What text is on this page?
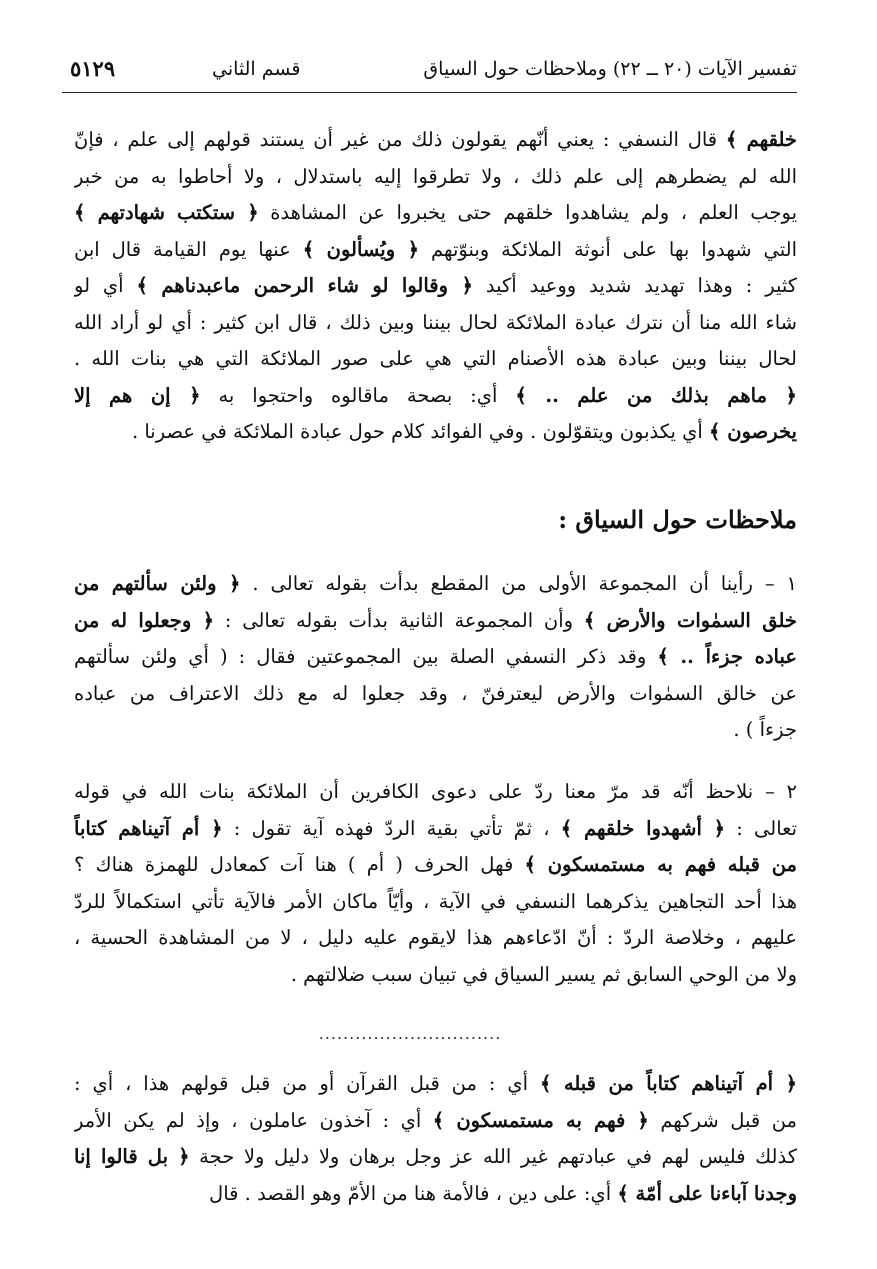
تفسير الآيات (٢٠ ــ ٢٢) وملاحظات حول السياق
قسم الثاني
٥١٢٩
خلقهم ﴾ قال النسفي : يعني أنّهم يقولون ذلك من غير أن يستند قولهم إلى علم ، فإنّ
الله لم يضطرهم إلى علم ذلك ، ولا تطرقوا إليه باستدلال ، ولا أحاطوا به من خبر
يوجب العلم ، ولم يشاهدوا خلقهم حتى يخبروا عن المشاهدة ﴿ ستكتب شهادتهم ﴾
التي شهدوا بها على أنوثة الملائكة وبنوّتهم ﴿ ويُسألون ﴾ عنها يوم القيامة قال ابن
كثير : وهذا تهديد شديد ووعيد أكيد ﴿ وقالوا لو شاء الرحمن ماعبدناهم ﴾ أي لو
شاء الله منا أن نترك عبادة الملائكة لحال بيننا وبين ذلك ، قال ابن كثير : أي لو أراد الله
لحال بيننا وبين عبادة هذه الأصنام التي هي على صور الملائكة التي هي بنات الله .
﴿ ماهم بذلك من علم .. ﴾ أي: بصحة ماقالوه واحتجوا به ﴿ إن هم إلا
يخرصون ﴾ أي يكذبون ويتقوّلون . وفي الفوائد كلام حول عبادة الملائكة في عصرنا .
ملاحظات حول السياق :
١ – رأينا أن المجموعة الأولى من المقطع بدأت بقوله تعالى . ﴿ ولئن سألتهم من
خلق السمٰوات والأرض ﴾ وأن المجموعة الثانية بدأت بقوله تعالى : ﴿ وجعلوا له من
عباده جزءاً .. ﴾ وقد ذكر النسفي الصلة بين المجموعتين فقال : ( أي ولئن سألتهم
عن خالق السمٰوات والأرض ليعترفنّ ، وقد جعلوا له مع ذلك الاعتراف من عباده
جزءاً ) .
٢ – نلاحظ أنّه قد مرّ معنا ردّ على دعوى الكافرين أن الملائكة بنات الله في قوله
تعالى : ﴿ أشهدوا خلقهم ﴾ ، ثمّ تأتي بقية الردّ فهذه آية تقول : ﴿ أم آتيناهم كتاباً
من قبله فهم به مستمسكون ﴾ فهل الحرف ( أم ) هنا آت كمعادل للهمزة هناك ؟
هذا أحد التجاهين يذكرهما النسفي في الآية ، وأيّاً ماكان الأمر فالآية تأتي استكمالاً للردّ
عليهم ، وخلاصة الردّ : أنّ ادّعاءهم هذا لايقوم عليه دليل ، لا من المشاهدة الحسية ،
ولا من الوحي السابق ثم يسير السياق في تبيان سبب ضلالتهم .
..............................
﴿ أم آتيناهم كتاباً من قبله ﴾ أي : من قبل القرآن أو من قبل قولهم هذا ، أي :
من قبل شركهم ﴿ فهم به مستمسكون ﴾ أي : آخذون عاملون ، وإذ لم يكن الأمر
كذلك فليس لهم في عبادتهم غير الله عز وجل برهان ولا دليل ولا حجة ﴿ بل قالوا إنا
وجدنا آباءنا على أمّة ﴾ أي: على دين ، فالأمة هنا من الأمّ وهو القصد . قال
